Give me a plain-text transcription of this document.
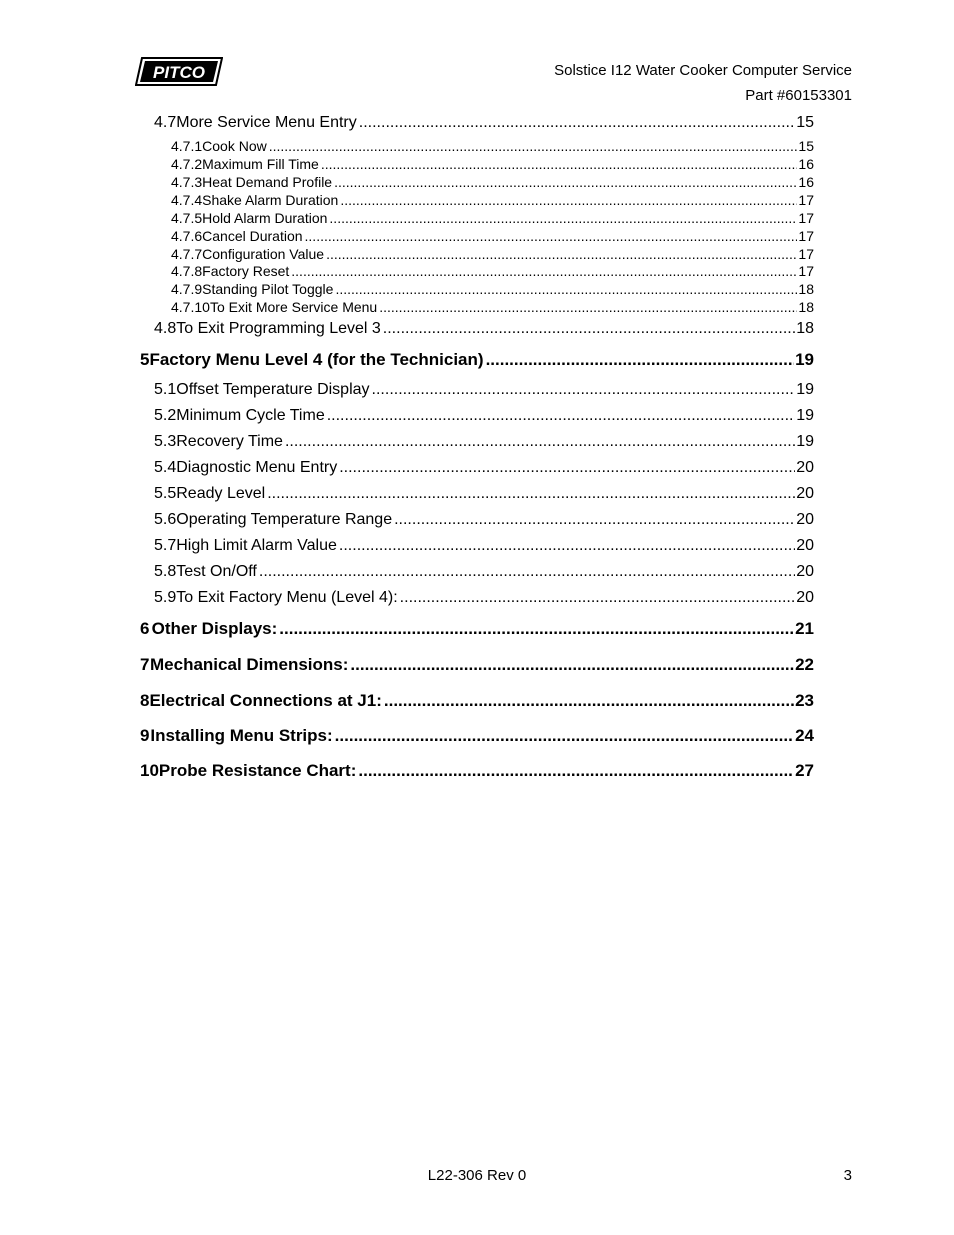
PITCO	Solstice I12 Water Cooker Computer Service
Part #60153301
4.7 More Service Menu Entry .....	15
4.7.1 Cook Now .....	15
4.7.2 Maximum Fill Time .....	16
4.7.3 Heat Demand Profile .....	16
4.7.4 Shake Alarm Duration .....	17
4.7.5 Hold Alarm Duration .....	17
4.7.6 Cancel Duration .....	17
4.7.7 Configuration Value .....	17
4.7.8 Factory Reset .....	17
4.7.9 Standing Pilot Toggle .....	18
4.7.10 To Exit More Service Menu .....	18
4.8 To Exit Programming Level 3 .....	18
5 Factory Menu Level 4 (for the Technician) .....	19
5.1 Offset Temperature Display .....	19
5.2 Minimum Cycle Time .....	19
5.3 Recovery Time .....	19
5.4 Diagnostic Menu Entry .....	20
5.5 Ready Level .....	20
5.6 Operating Temperature Range .....	20
5.7 High Limit Alarm Value .....	20
5.8 Test On/Off .....	20
5.9 To Exit Factory Menu (Level 4): .....	20
6 Other Displays: .....	21
7 Mechanical Dimensions: .....	22
8 Electrical Connections at J1: .....	23
9 Installing Menu Strips: .....	24
10 Probe Resistance Chart: .....	27
L22-306 Rev 0	3
